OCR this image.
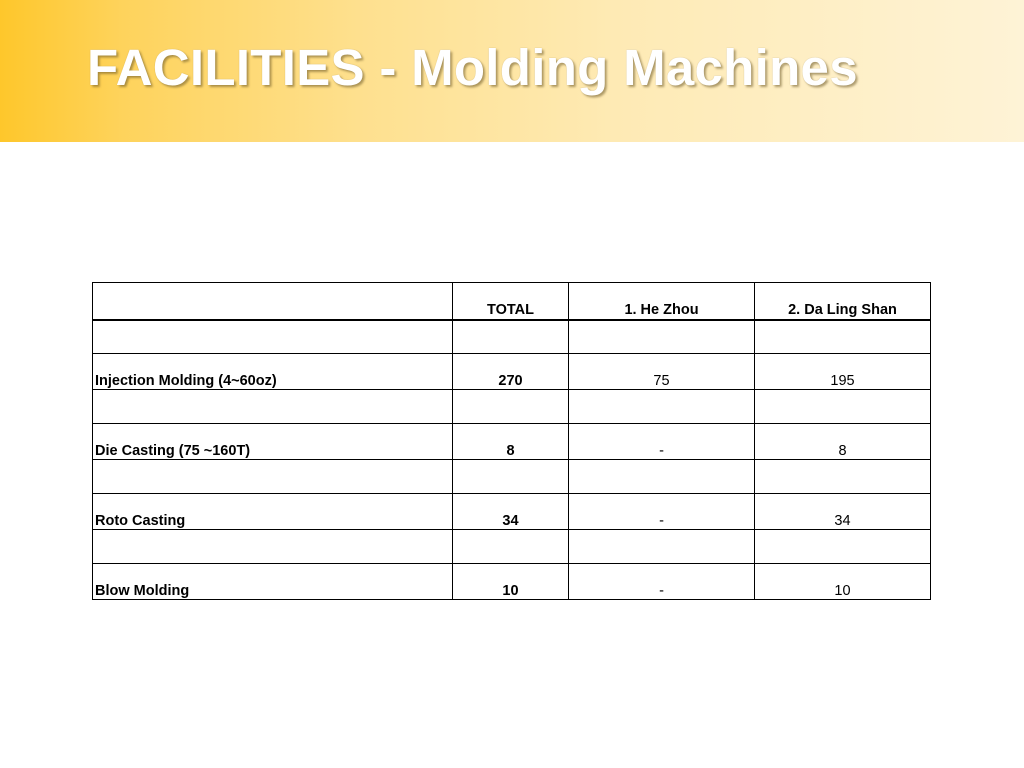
FACILITIES - Molding Machines
	TOTAL	1. He Zhou	2. Da Ling Shan

Injection Molding (4~60oz)	270	75	195

Die Casting (75 ~160T)	8	-	8

Roto Casting	34	-	34

Blow Molding	10	-	10
